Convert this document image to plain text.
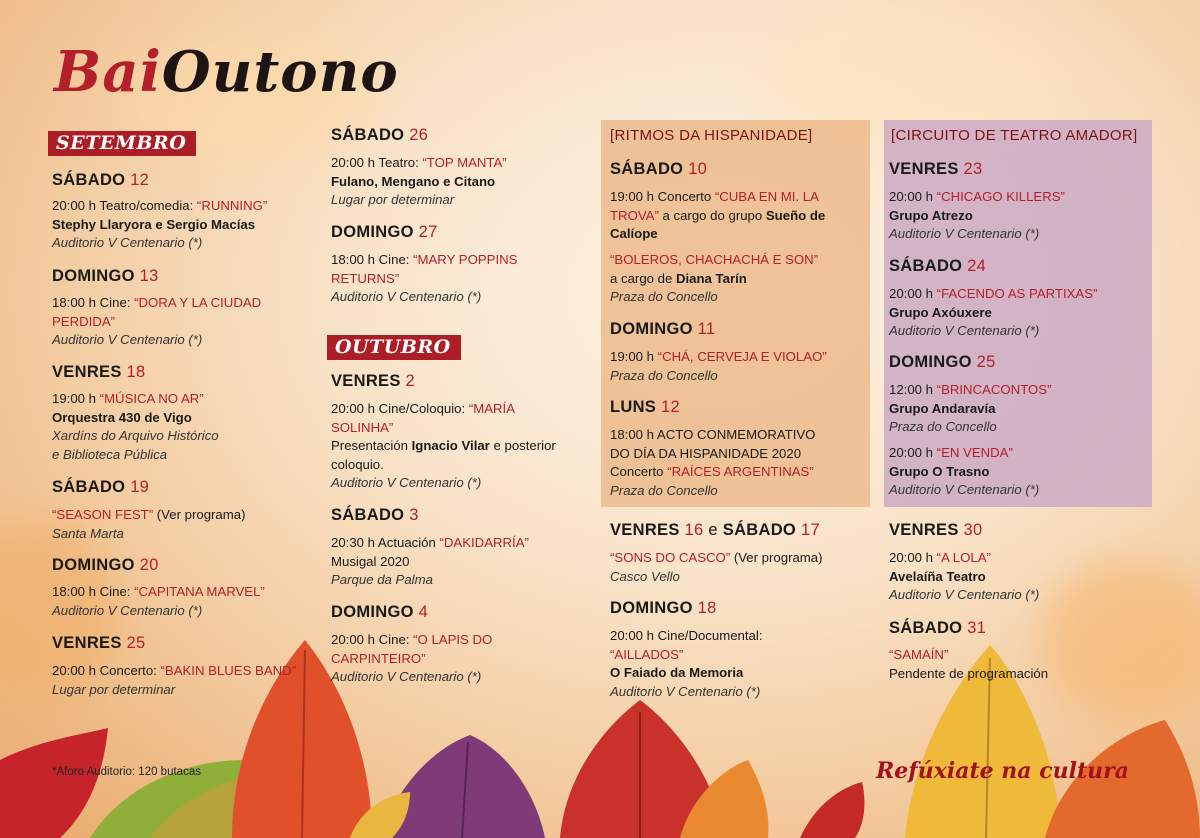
BaiOutono
[RITMOS DA HISPANIDADE]	[CIRCUITO DE TEATRO AMADOR]
SETEMBRO
OUTUBRO
SÁBADO 12
20:00 h Teatro/comedia: “RUNNING”
Stephy Llaryora e Sergio Macías
Auditorio V Centenario (*)
DOMINGO 13
18:00 h Cine: “DORA Y LA CIUDAD PERDIDA”
Auditorio V Centenario (*)
VENRES 18
19:00 h “MÚSICA NO AR”
Orquestra 430 de Vigo
Xardíns do Arquivo Histórico
e Biblioteca Pública
SÁBADO 19
“SEASON FEST” (Ver programa)
Santa Marta
DOMINGO 20
18:00 h Cine: “CAPITANA MARVEL”
Auditorio V Centenario (*)
VENRES 25
20:00 h Concerto: “BAKIN BLUES BAND”
Lugar por determinar
SÁBADO 26
20:00 h Teatro: “TOP MANTA”
Fulano, Mengano e Citano
Lugar por determinar
DOMINGO 27
18:00 h Cine: “MARY POPPINS RETURNS”
Auditorio V Centenario (*)
VENRES 2
20:00 h Cine/Coloquio: “MARÍA SOLINHA”
Presentación Ignacio Vilar e posterior coloquio.
Auditorio V Centenario (*)
SÁBADO 3
20:30 h Actuación “DAKIDARRÍA”
Musigal 2020
Parque da Palma
DOMINGO 4
20:00 h Cine: “O LAPIS DO CARPINTEIRO”
Auditorio V Centenario (*)
SÁBADO 10
19:00 h Concerto “CUBA EN MI. LA TROVA” a cargo do grupo Sueño de Calíope
“BOLEROS, CHACHACHÁ E SON”
a cargo de Diana Tarín
Praza do Concello
DOMINGO 11
19:00 h “CHÁ, CERVEJA E VIOLAO”
Praza do Concello
LUNS 12
18:00 h ACTO CONMEMORATIVO
DO DÍA DA HISPANIDADE 2020
Concerto “RAÍCES ARGENTINAS”
Praza do Concello
VENRES 16 e SÁBADO 17
“SONS DO CASCO” (Ver programa)
Casco Vello
DOMINGO 18
20:00 h Cine/Documental:
“AILLADOS”
O Faiado da Memoria
Auditorio V Centenario (*)
VENRES 23
20:00 h “CHICAGO KILLERS”
Grupo Atrezo
Auditorio V Centenario (*)
SÁBADO 24
20:00 h “FACENDO AS PARTIXAS”
Grupo Axóuxere
Auditorio V Centenario (*)
DOMINGO 25
12:00 h “BRINCACONTOS”
Grupo Andaravía
Praza do Concello
20:00 h “EN VENDA”
Grupo O Trasno
Auditorio V Centenario (*)
VENRES 30
20:00 h “A LOLA”
Avelaíña Teatro
Auditorio V Centenario (*)
SÁBADO 31
“SAMAÍN”
Pendente de programación
*Aforo Auditorio: 120 butacas	Refúxiate na cultura
